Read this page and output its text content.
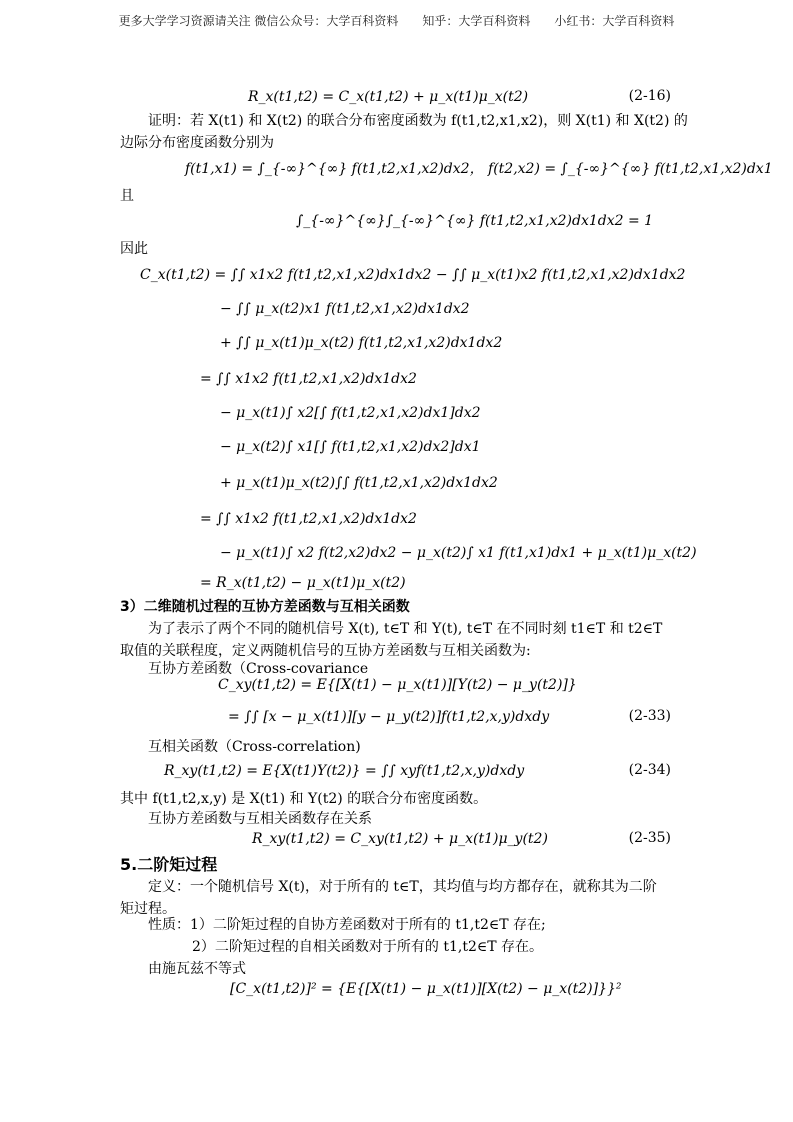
更多大学学习资源请关注 微信公众号：大学百科资料　　知乎：大学百科资料　　小红书：大学百科资料
R_x(t1,t2) = C_x(t1,t2) + μ_x(t1)μ_x(t2)	(2-16)
证明：若 X(t1) 和 X(t2) 的联合分布密度函数为 f(t1,t2,x1,x2)，则 X(t1) 和 X(t2) 的
边际分布密度函数分别为
f(t1,x1) = ∫_{-∞}^{∞} f(t1,t2,x1,x2)dx2， f(t2,x2) = ∫_{-∞}^{∞} f(t1,t2,x1,x2)dx1
且
∫_{-∞}^{∞}∫_{-∞}^{∞} f(t1,t2,x1,x2)dx1dx2 = 1
因此
C_x(t1,t2) = ∫∫ x1x2 f(t1,t2,x1,x2)dx1dx2 − ∫∫ μ_x(t1)x2 f(t1,t2,x1,x2)dx1dx2
− ∫∫ μ_x(t2)x1 f(t1,t2,x1,x2)dx1dx2
+ ∫∫ μ_x(t1)μ_x(t2) f(t1,t2,x1,x2)dx1dx2
= ∫∫ x1x2 f(t1,t2,x1,x2)dx1dx2
− μ_x(t1)∫ x2[∫ f(t1,t2,x1,x2)dx1]dx2
− μ_x(t2)∫ x1[∫ f(t1,t2,x1,x2)dx2]dx1
+ μ_x(t1)μ_x(t2)∫∫ f(t1,t2,x1,x2)dx1dx2
= ∫∫ x1x2 f(t1,t2,x1,x2)dx1dx2
− μ_x(t1)∫ x2 f(t2,x2)dx2 − μ_x(t2)∫ x1 f(t1,x1)dx1 + μ_x(t1)μ_x(t2)
= R_x(t1,t2) − μ_x(t1)μ_x(t2)
3）二维随机过程的互协方差函数与互相关函数
为了表示了两个不同的随机信号 X(t), t∈T 和 Y(t), t∈T 在不同时刻 t1∈T 和 t2∈T
取值的关联程度，定义两随机信号的互协方差函数与互相关函数为:
互协方差函数（Cross-covariance
C_xy(t1,t2) = E{[X(t1) − μ_x(t1)][Y(t2) − μ_y(t2)]}
= ∫∫ [x − μ_x(t1)][y − μ_y(t2)]f(t1,t2,x,y)dxdy	(2-33)
互相关函数（Cross-correlation)
R_xy(t1,t2) = E{X(t1)Y(t2)} = ∫∫ xyf(t1,t2,x,y)dxdy	(2-34)
其中 f(t1,t2,x,y) 是 X(t1) 和 Y(t2) 的联合分布密度函数。
互协方差函数与互相关函数存在关系
R_xy(t1,t2) = C_xy(t1,t2) + μ_x(t1)μ_y(t2)	(2-35)
5.二阶矩过程
定义：一个随机信号 X(t)，对于所有的 t∈T，其均值与均方都存在，就称其为二阶
矩过程。
性质：1）二阶矩过程的自协方差函数对于所有的 t1,t2∈T 存在;
2）二阶矩过程的自相关函数对于所有的 t1,t2∈T 存在。
由施瓦兹不等式
[C_x(t1,t2)]² = {E{[X(t1) − μ_x(t1)][X(t2) − μ_x(t2)]}}²
